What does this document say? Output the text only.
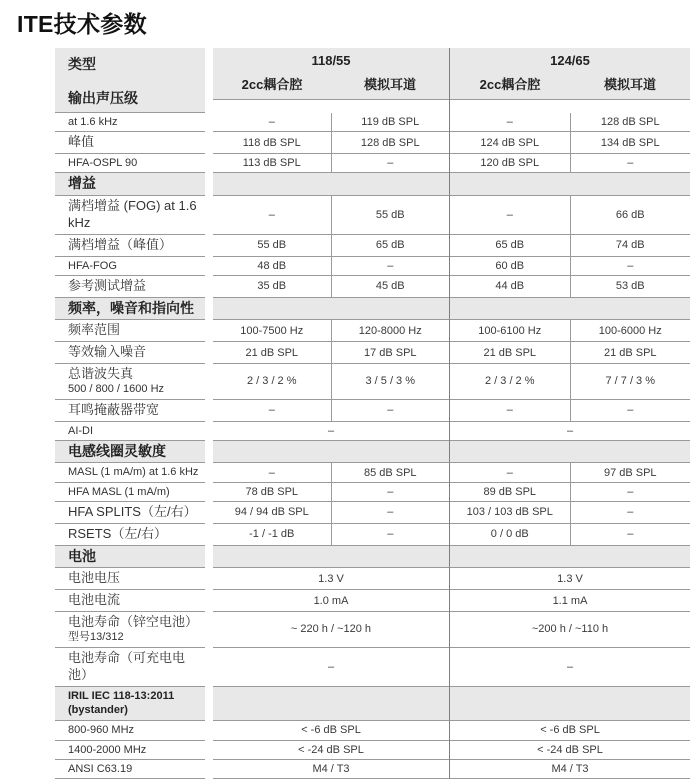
ITE技术参数
类型
输出声压级
118/55
2cc耦合腔	模拟耳道
124/65
2cc耦合腔	模拟耳道
at 1.6 kHz	–	119 dB SPL	–	128 dB SPL
峰值	118 dB SPL	128 dB SPL	124 dB SPL	134 dB SPL
HFA-OSPL 90	113 dB SPL	–	120 dB SPL	–
增益
满档增益 (FOG) at 1.6 kHz	–	55 dB	–	66 dB
满档增益（峰值）	55 dB	65 dB	65 dB	74 dB
HFA-FOG	48 dB	–	60 dB	–
参考测试增益	35 dB	45 dB	44 dB	53 dB
频率，噪音和指向性
频率范围	100-7500 Hz	120-8000 Hz	100-6100 Hz	100-6000 Hz
等效输入噪音	21 dB SPL	17 dB SPL	21 dB SPL	21 dB SPL
总谐波失真
500 / 800 / 1600 Hz
2 / 3 / 2 %	3 / 5 / 3 %	2 / 3 / 2 %	7 / 7 / 3 %
耳鸣掩蔽器带宽	–	–	–	–
AI-DI	–	–
电感线圈灵敏度
MASL (1 mA/m) at 1.6 kHz	–	85 dB SPL	–	97 dB SPL
HFA MASL (1 mA/m)	78 dB SPL	–	89 dB SPL	–
HFA SPLITS（左/右）	94 / 94 dB SPL	–	103 / 103 dB SPL	–
RSETS（左/右）	-1 / -1 dB	–	0 / 0 dB	–
电池
电池电压	1.3 V	1.3 V
电池电流	1.0 mA	1.1 mA
电池寿命（锌空电池）
型号13/312
~ 220 h / ~120 h	~200 h / ~110 h
电池寿命（可充电电池）	–	–
IRIL IEC 118-13:2011
(bystander)
800-960 MHz	< -6 dB SPL	< -6 dB SPL
1400-2000 MHz	< -24 dB SPL	< -24 dB SPL
ANSI C63.19	M4 / T3	M4 / T3
